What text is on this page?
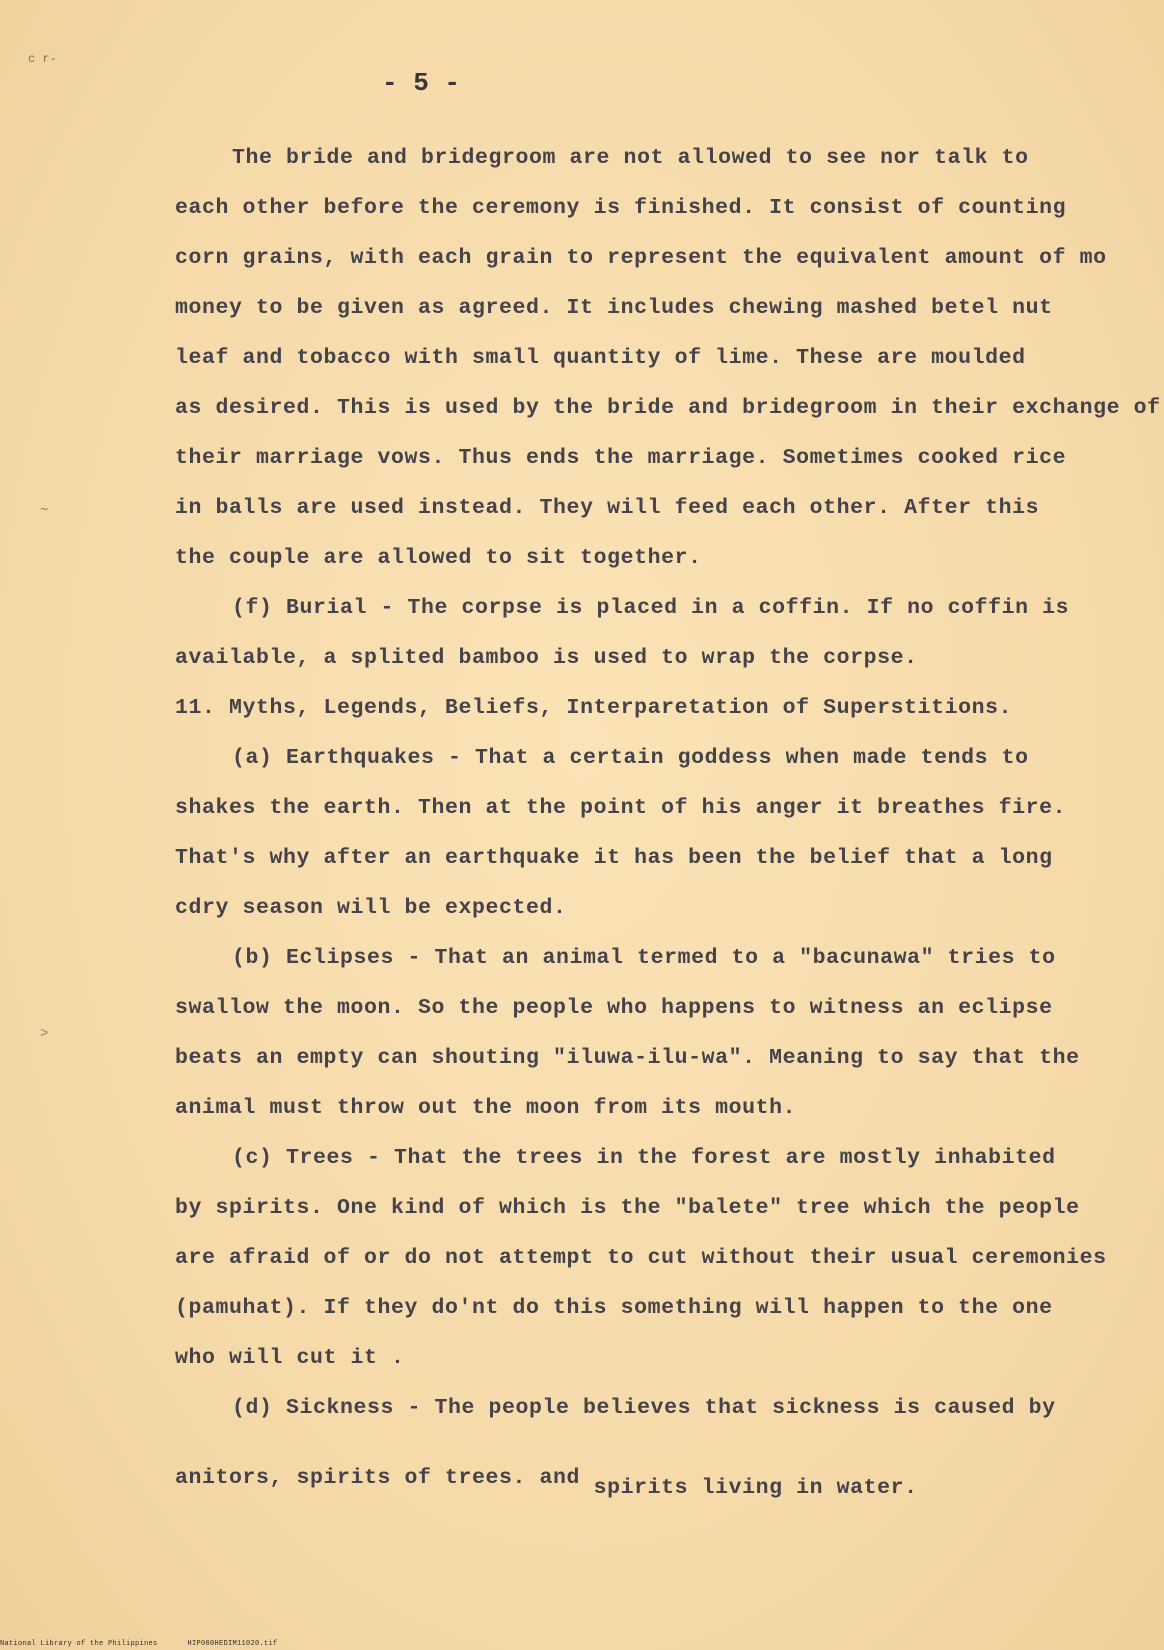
c r-
~
>
- 5 -
The bride and bridegroom are not allowed to see nor talk to
each other before the ceremony is finished. It consist of counting
corn grains, with each grain to represent the equivalent amount of mo
money to be given as agreed. It includes chewing mashed betel nut
leaf and tobacco with small quantity of lime. These are moulded
as desired. This is used by the bride and bridegroom in their exchange of
their marriage vows. Thus ends the marriage. Sometimes cooked rice
in balls are used instead. They will feed each other. After this
the couple are allowed to sit together.
(f) Burial - The corpse is placed in a coffin. If no coffin is
available, a splited bamboo is used to wrap the corpse.
11. Myths, Legends, Beliefs, Interparetation of Superstitions.
(a) Earthquakes - That a certain goddess when made tends to
shakes the earth. Then at the point of his anger it breathes fire.
That's why after an earthquake it has been the belief that a long
cdry season will be expected.
(b) Eclipses - That an animal termed to a "bacunawa" tries to
swallow the moon. So the people who happens to witness an eclipse
beats an empty can shouting "iluwa-ilu-wa". Meaning to say that the
animal must throw out the moon from its mouth.
(c) Trees - That the trees in the forest are mostly inhabited
by spirits. One kind of which is the "balete" tree which the people
are afraid of or do not attempt to cut without their usual ceremonies
(pamuhat). If they do'nt do this something will happen to the one
who will cut it .
(d) Sickness - The people believes that sickness is caused by
anitors, spirits of trees. and spirits living in water.
National Library of the Philippines	HIP000HEDIM11020.tif
